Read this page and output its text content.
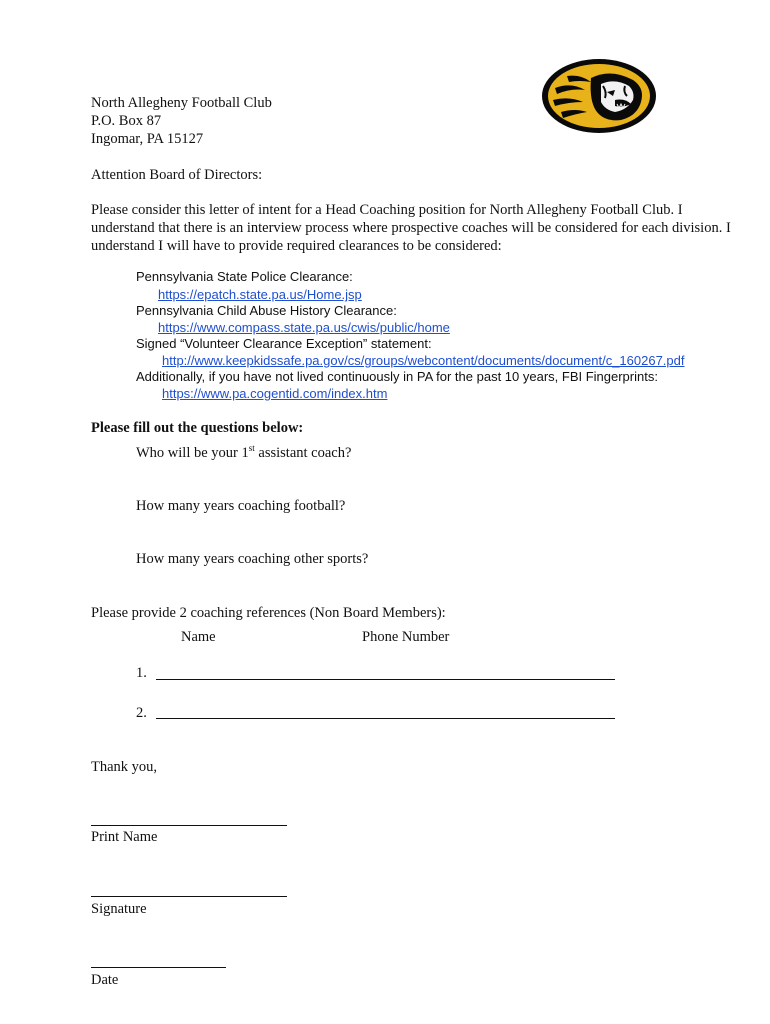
North Allegheny Football Club
P.O. Box 87
Ingomar, PA 15127
Attention Board of Directors:
Please consider this letter of intent for a Head Coaching position for North Allegheny Football Club. I understand that there is an interview process where prospective coaches will be considered for each division. I understand I will have to provide required clearances to be considered:
Pennsylvania State Police Clearance:
https://epatch.state.pa.us/Home.jsp
Pennsylvania Child Abuse History Clearance:
https://www.compass.state.pa.us/cwis/public/home
Signed “Volunteer Clearance Exception” statement:
http://www.keepkidssafe.pa.gov/cs/groups/webcontent/documents/document/c_160267.pdf
Additionally, if you have not lived continuously in PA for the past 10 years, FBI Fingerprints:
https://www.pa.cogentid.com/index.htm
Please fill out the questions below:
Who will be your 1st assistant coach?
How many years coaching football?
How many years coaching other sports?
Please provide 2 coaching references (Non Board Members):
Name	Phone Number
1.
2.
Thank you,
Print Name
Signature
Date
